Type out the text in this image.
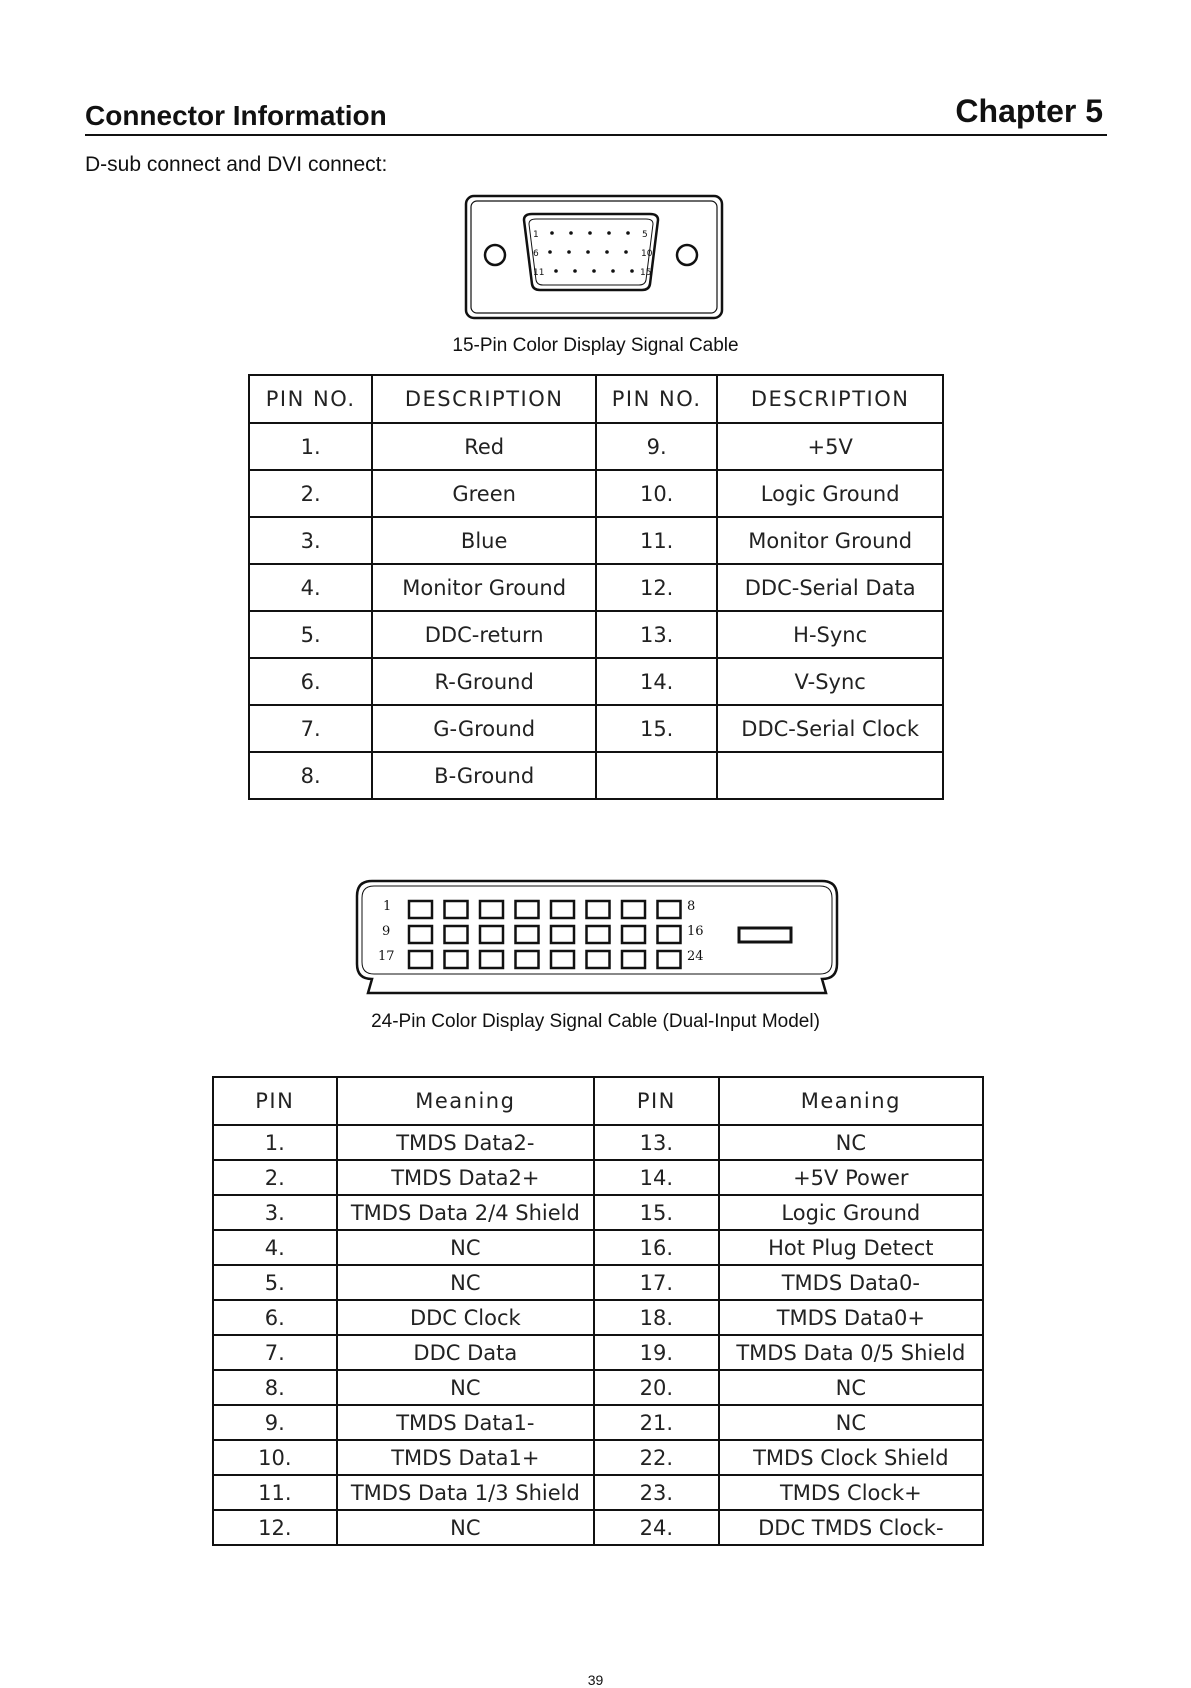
Connector Information	Chapter 5
D-sub connect and DVI connect:
1	5
6	10
11	15
15-Pin Color Display Signal Cable
PIN NO.	DESCRIPTION	PIN NO.	DESCRIPTION
1.	Red	9.	+5V
2.	Green	10.	Logic Ground
3.	Blue	11.	Monitor Ground
4.	Monitor Ground	12.	DDC-Serial Data
5.	DDC-return	13.	H-Sync
6.	R-Ground	14.	V-Sync
7.	G-Ground	15.	DDC-Serial Clock
8.	B-Ground		
1	8
9	16
17	24
24-Pin Color Display Signal Cable (Dual-Input Model)
PIN	Meaning	PIN	Meaning
1.	TMDS Data2-	13.	NC
2.	TMDS Data2+	14.	+5V Power
3.	TMDS Data 2/4 Shield	15.	Logic Ground
4.	NC	16.	Hot Plug Detect
5.	NC	17.	TMDS Data0-
6.	DDC Clock	18.	TMDS Data0+
7.	DDC Data	19.	TMDS Data 0/5 Shield
8.	NC	20.	NC
9.	TMDS Data1-	21.	NC
10.	TMDS Data1+	22.	TMDS Clock Shield
11.	TMDS Data 1/3 Shield	23.	TMDS Clock+
12.	NC	24.	DDC TMDS Clock-
39
